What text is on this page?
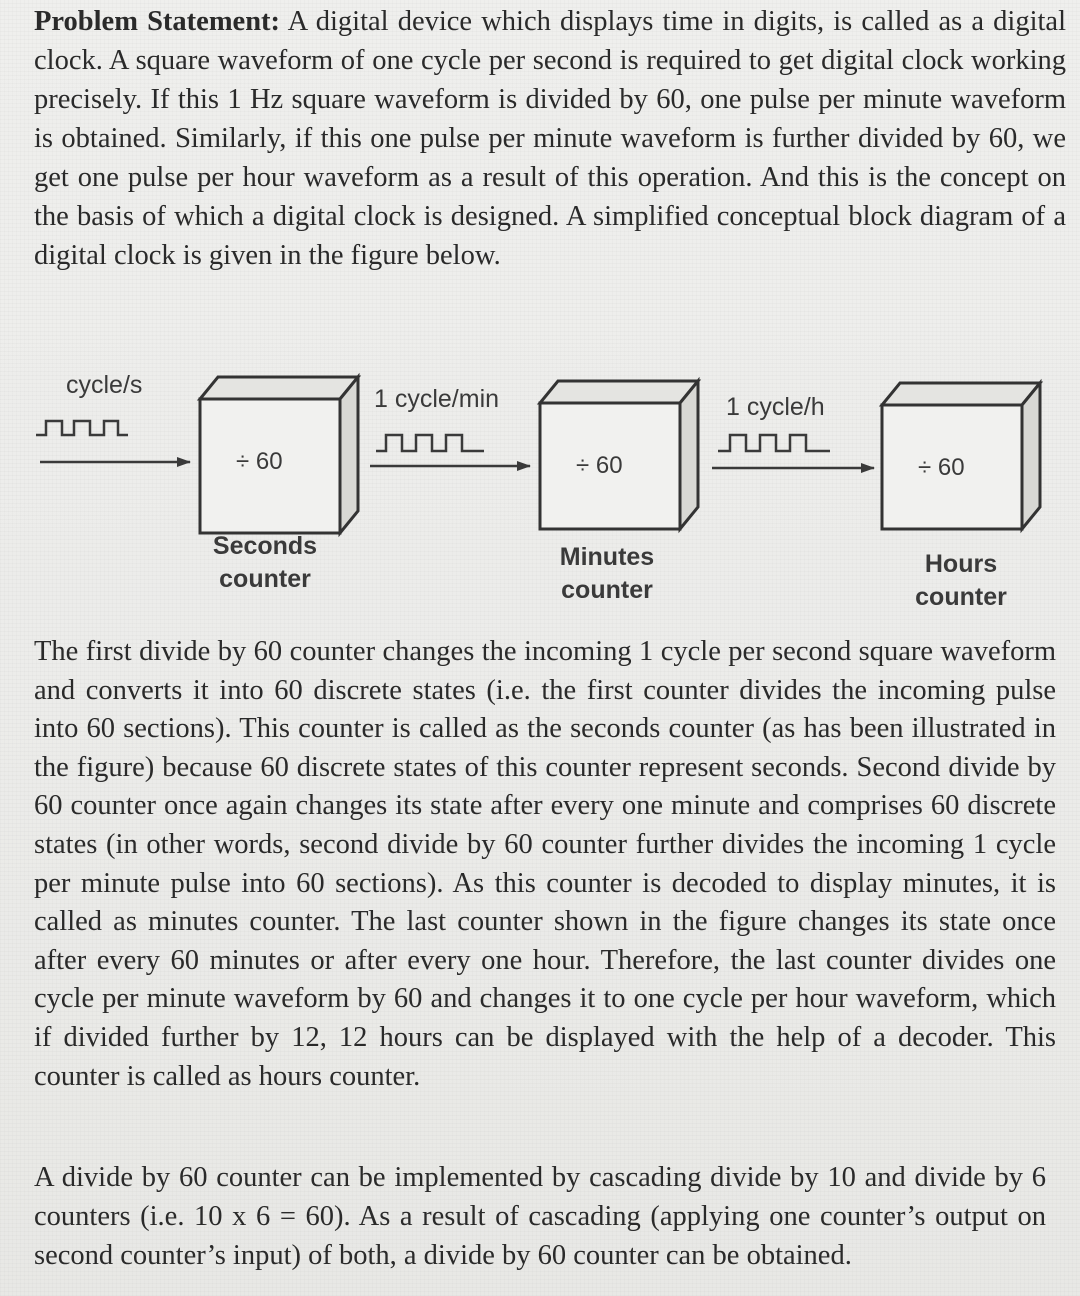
Problem Statement: A digital device which displays time in digits, is called as a digital clock. A square waveform of one cycle per second is required to get digital clock working precisely. If this 1 Hz square waveform is divided by 60, one pulse per minute waveform is obtained. Similarly, if this one pulse per minute waveform is further divided by 60, we get one pulse per hour waveform as a result of this operation. And this is the concept on the basis of which a digital clock is designed. A simplified conceptual block diagram of a digital clock is given in the figure below.

cycle/s	1 cycle/min	1 cycle/h
÷ 60	÷ 60	÷ 60
Seconds
counter
Minutes
counter
Hours
counter

The first divide by 60 counter changes the incoming 1 cycle per second square waveform and converts it into 60 discrete states (i.e. the first counter divides the incoming pulse into 60 sections). This counter is called as the seconds counter (as has been illustrated in the figure) because 60 discrete states of this counter represent seconds. Second divide by 60 counter once again changes its state after every one minute and comprises 60 discrete states (in other words, second divide by 60 counter further divides the incoming 1 cycle per minute pulse into 60 sections). As this counter is decoded to display minutes, it is called as minutes counter. The last counter shown in the figure changes its state once after every 60 minutes or after every one hour. Therefore, the last counter divides one cycle per minute waveform by 60 and changes it to one cycle per hour waveform, which if divided further by 12, 12 hours can be displayed with the help of a decoder. This counter is called as hours counter.

A divide by 60 counter can be implemented by cascading divide by 10 and divide by 6 counters (i.e. 10 x 6 = 60). As a result of cascading (applying one counter’s output on second counter’s input) of both, a divide by 60 counter can be obtained.
